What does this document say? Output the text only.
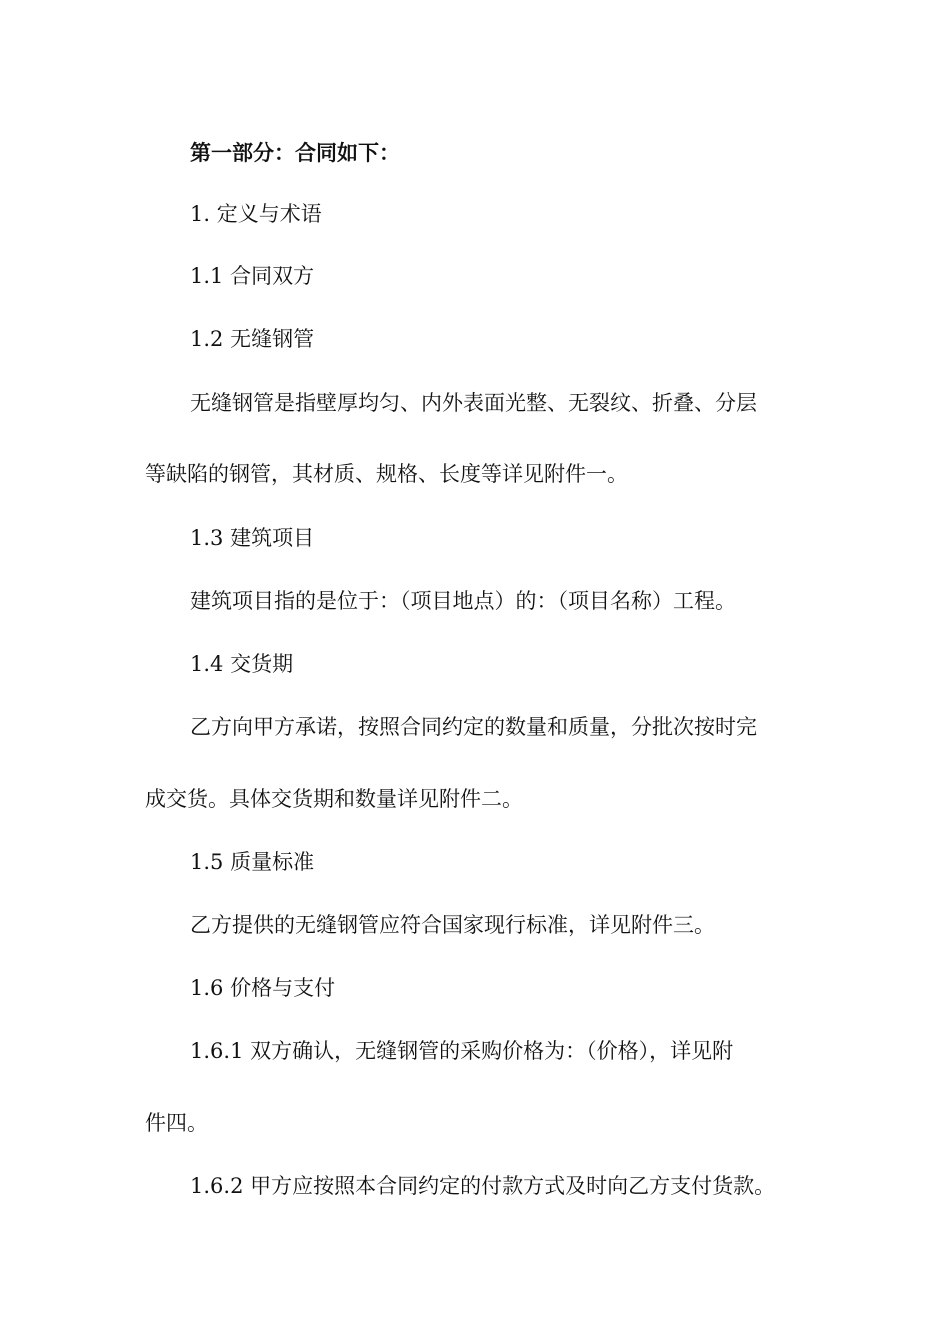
第一部分：合同如下：

1. 定义与术语

1.1 合同双方

1.2 无缝钢管

无缝钢管是指壁厚均匀、内外表面光整、无裂纹、折叠、分层

等缺陷的钢管，其材质、规格、长度等详见附件一。

1.3 建筑项目

建筑项目指的是位于：（项目地点）的：（项目名称）工程。

1.4 交货期

乙方向甲方承诺，按照合同约定的数量和质量，分批次按时完

成交货。具体交货期和数量详见附件二。

1.5 质量标准

乙方提供的无缝钢管应符合国家现行标准，详见附件三。

1.6 价格与支付

1.6.1 双方确认，无缝钢管的采购价格为：（价格），详见附

件四。

1.6.2 甲方应按照本合同约定的付款方式及时向乙方支付货款。
